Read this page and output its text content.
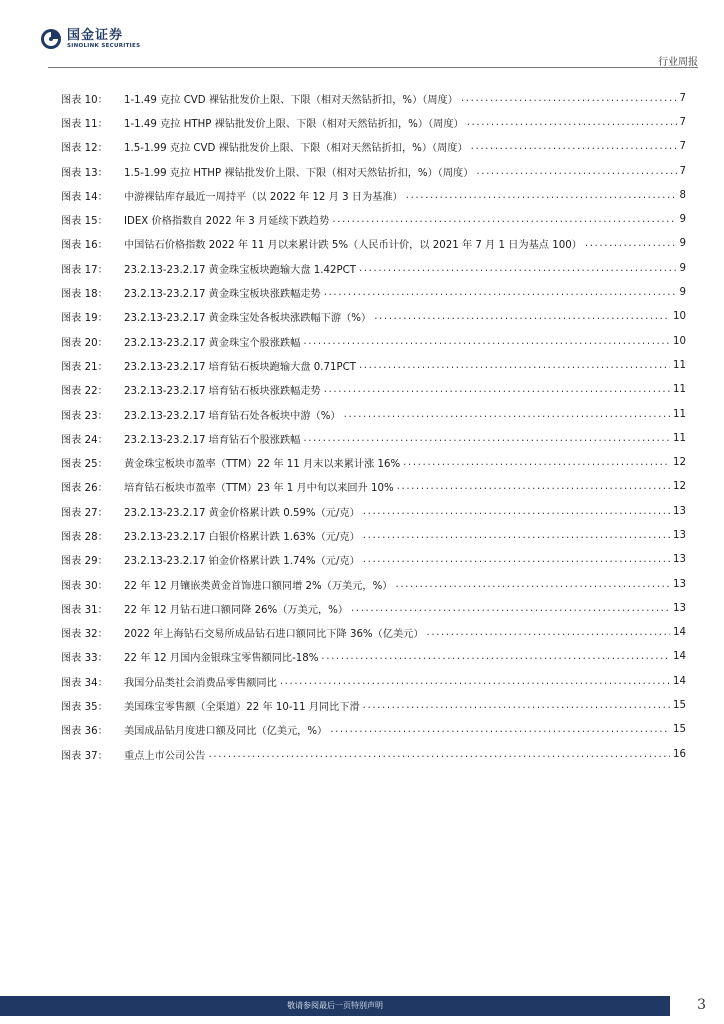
国金证券
SINOLINK SECURITIES
行业周报
图表 10：	1-1.49 克拉 CVD 裸钻批发价上限、下限（相对天然钻折扣，%）（周度） .....	7
图表 11：	1-1.49 克拉 HTHP 裸钻批发价上限、下限（相对天然钻折扣，%）（周度） .....	7
图表 12：	1.5-1.99 克拉 CVD 裸钻批发价上限、下限（相对天然钻折扣，%）（周度） .....	7
图表 13：	1.5-1.99 克拉 HTHP 裸钻批发价上限、下限（相对天然钻折扣，%）（周度） .....	7
图表 14：	中游裸钻库存最近一周持平（以 2022 年 12 月 3 日为基准） .....	8
图表 15：	IDEX 价格指数自 2022 年 3 月延续下跌趋势 .....	9
图表 16：	中国钻石价格指数 2022 年 11 月以来累计跌 5%（人民币计价，以 2021 年 7 月 1 日为基点 100） .....	9
图表 17：	23.2.13-23.2.17 黄金珠宝板块跑输大盘 1.42PCT .....	9
图表 18：	23.2.13-23.2.17 黄金珠宝板块涨跌幅走势 .....	9
图表 19：	23.2.13-23.2.17 黄金珠宝处各板块涨跌幅下游（%） .....	10
图表 20：	23.2.13-23.2.17 黄金珠宝个股涨跌幅 .....	10
图表 21：	23.2.13-23.2.17 培育钻石板块跑输大盘 0.71PCT .....	11
图表 22：	23.2.13-23.2.17 培育钻石板块涨跌幅走势 .....	11
图表 23：	23.2.13-23.2.17 培育钻石处各板块中游（%） .....	11
图表 24：	23.2.13-23.2.17 培育钻石个股涨跌幅 .....	11
图表 25：	黄金珠宝板块市盈率（TTM）22 年 11 月末以来累计涨 16% .....	12
图表 26：	培育钻石板块市盈率（TTM）23 年 1 月中旬以来回升 10% .....	12
图表 27：	23.2.13-23.2.17 黄金价格累计跌 0.59%（元/克） .....	13
图表 28：	23.2.13-23.2.17 白银价格累计跌 1.63%（元/克） .....	13
图表 29：	23.2.13-23.2.17 铂金价格累计跌 1.74%（元/克） .....	13
图表 30：	22 年 12 月镶嵌类黄金首饰进口额同增 2%（万美元，%） .....	13
图表 31：	22 年 12 月钻石进口额同降 26%（万美元，%） .....	13
图表 32：	2022 年上海钻石交易所成品钻石进口额同比下降 36%（亿美元） .....	14
图表 33：	22 年 12 月国内金银珠宝零售额同比-18% .....	14
图表 34：	我国分品类社会消费品零售额同比 .....	14
图表 35：	美国珠宝零售额（全渠道）22 年 10-11 月同比下滑 .....	15
图表 36：	美国成品钻月度进口额及同比（亿美元，%） .....	15
图表 37：	重点上市公司公告 .....	16
敬请参阅最后一页特别声明	3
